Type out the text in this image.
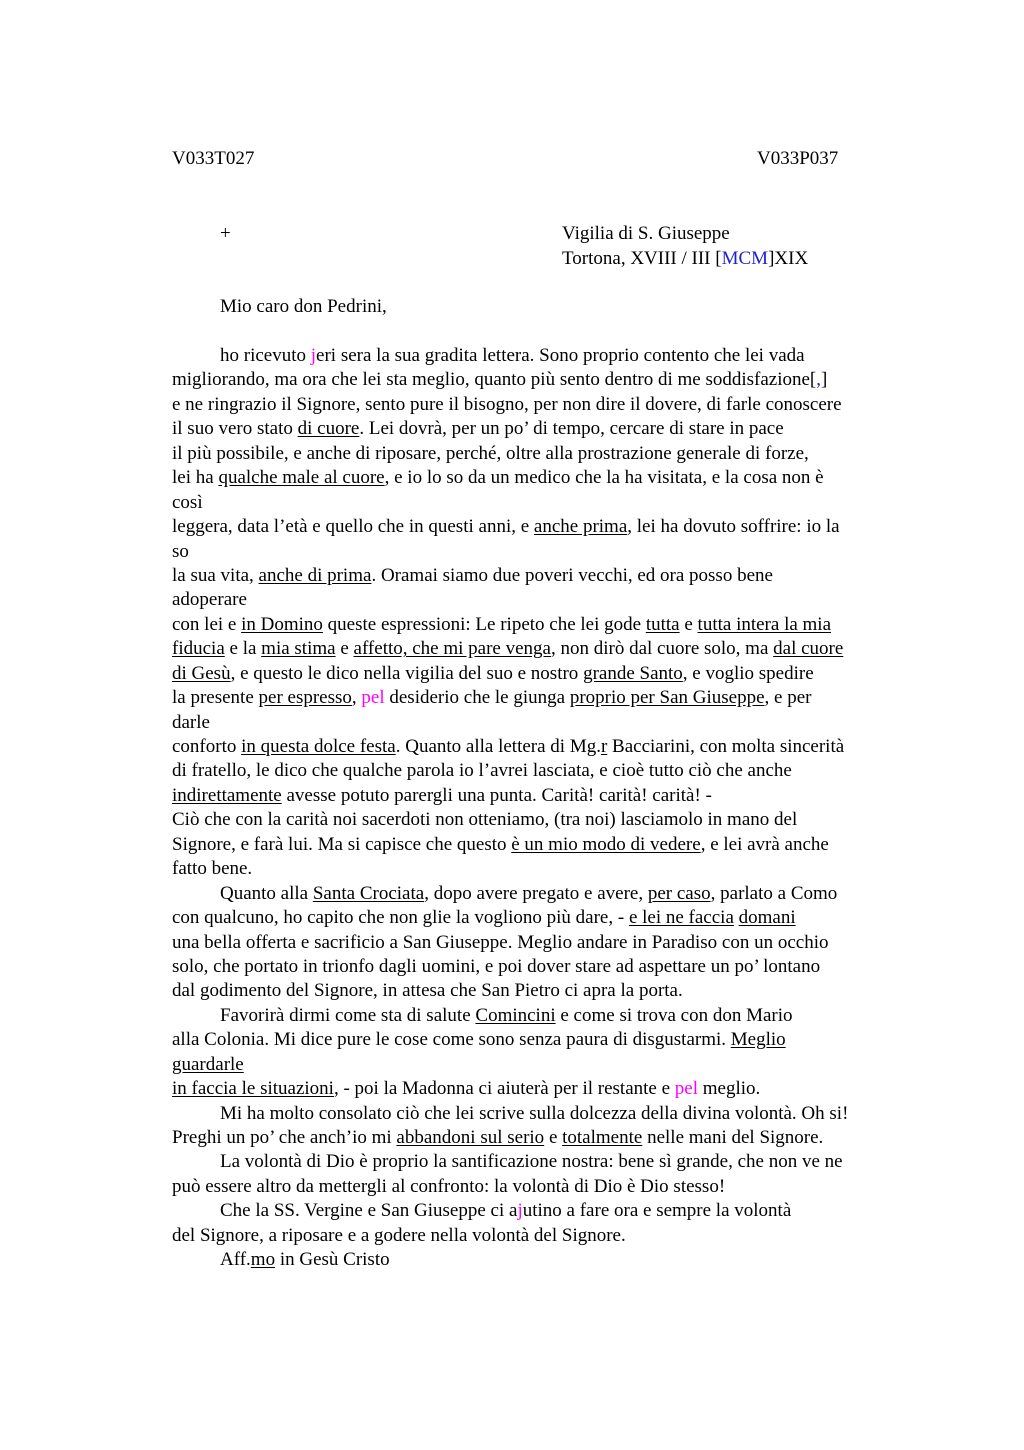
V033T027	V033P037
+	Vigilia di S. Giuseppe
Tortona, XVIII / III [MCM]XIX
Mio caro don Pedrini,
ho ricevuto jeri sera la sua gradita lettera. Sono proprio contento che lei vada
migliorando, ma ora che lei sta meglio, quanto più sento dentro di me soddisfazione[,]
e ne ringrazio il Signore, sento pure il bisogno, per non dire il dovere, di farle conoscere
il suo vero stato di cuore. Lei dovrà, per un po’ di tempo, cercare di stare in pace
il più possibile, e anche di riposare, perché, oltre alla prostrazione generale di forze,
lei ha qualche male al cuore, e io lo so da un medico che la ha visitata, e la cosa non è
così
leggera, data l’età e quello che in questi anni, e anche prima, lei ha dovuto soffrire: io la
so
la sua vita, anche di prima. Oramai siamo due poveri vecchi, ed ora posso bene
adoperare
con lei e in Domino queste espressioni: Le ripeto che lei gode tutta e tutta intera la mia
fiducia e la mia stima e affetto, che mi pare venga, non dirò dal cuore solo, ma dal cuore
di Gesù, e questo le dico nella vigilia del suo e nostro grande Santo, e voglio spedire
la presente per espresso, pel desiderio che le giunga proprio per San Giuseppe, e per
darle
conforto in questa dolce festa. Quanto alla lettera di Mg.r Bacciarini, con molta sincerità
di fratello, le dico che qualche parola io l’avrei lasciata, e cioè tutto ciò che anche
indirettamente avesse potuto parergli una punta. Carità! carità! carità! -
Ciò che con la carità noi sacerdoti non otteniamo, (tra noi) lasciamolo in mano del
Signore, e farà lui. Ma si capisce che questo è un mio modo di vedere, e lei avrà anche
fatto bene.
Quanto alla Santa Crociata, dopo avere pregato e avere, per caso, parlato a Como
con qualcuno, ho capito che non glie la vogliono più dare, - e lei ne faccia domani
una bella offerta e sacrificio a San Giuseppe. Meglio andare in Paradiso con un occhio
solo, che portato in trionfo dagli uomini, e poi dover stare ad aspettare un po’ lontano
dal godimento del Signore, in attesa che San Pietro ci apra la porta.
Favorirà dirmi come sta di salute Comincini e come si trova con don Mario
alla Colonia. Mi dice pure le cose come sono senza paura di disgustarmi. Meglio
guardarle
in faccia le situazioni, - poi la Madonna ci aiuterà per il restante e pel meglio.
Mi ha molto consolato ciò che lei scrive sulla dolcezza della divina volontà. Oh si!
Preghi un po’ che anch’io mi abbandoni sul serio e totalmente nelle mani del Signore.
La volontà di Dio è proprio la santificazione nostra: bene sì grande, che non ve ne
può essere altro da mettergli al confronto: la volontà di Dio è Dio stesso!
Che la SS. Vergine e San Giuseppe ci ajutino a fare ora e sempre la volontà
del Signore, a riposare e a godere nella volontà del Signore.
Aff.mo in Gesù Cristo
